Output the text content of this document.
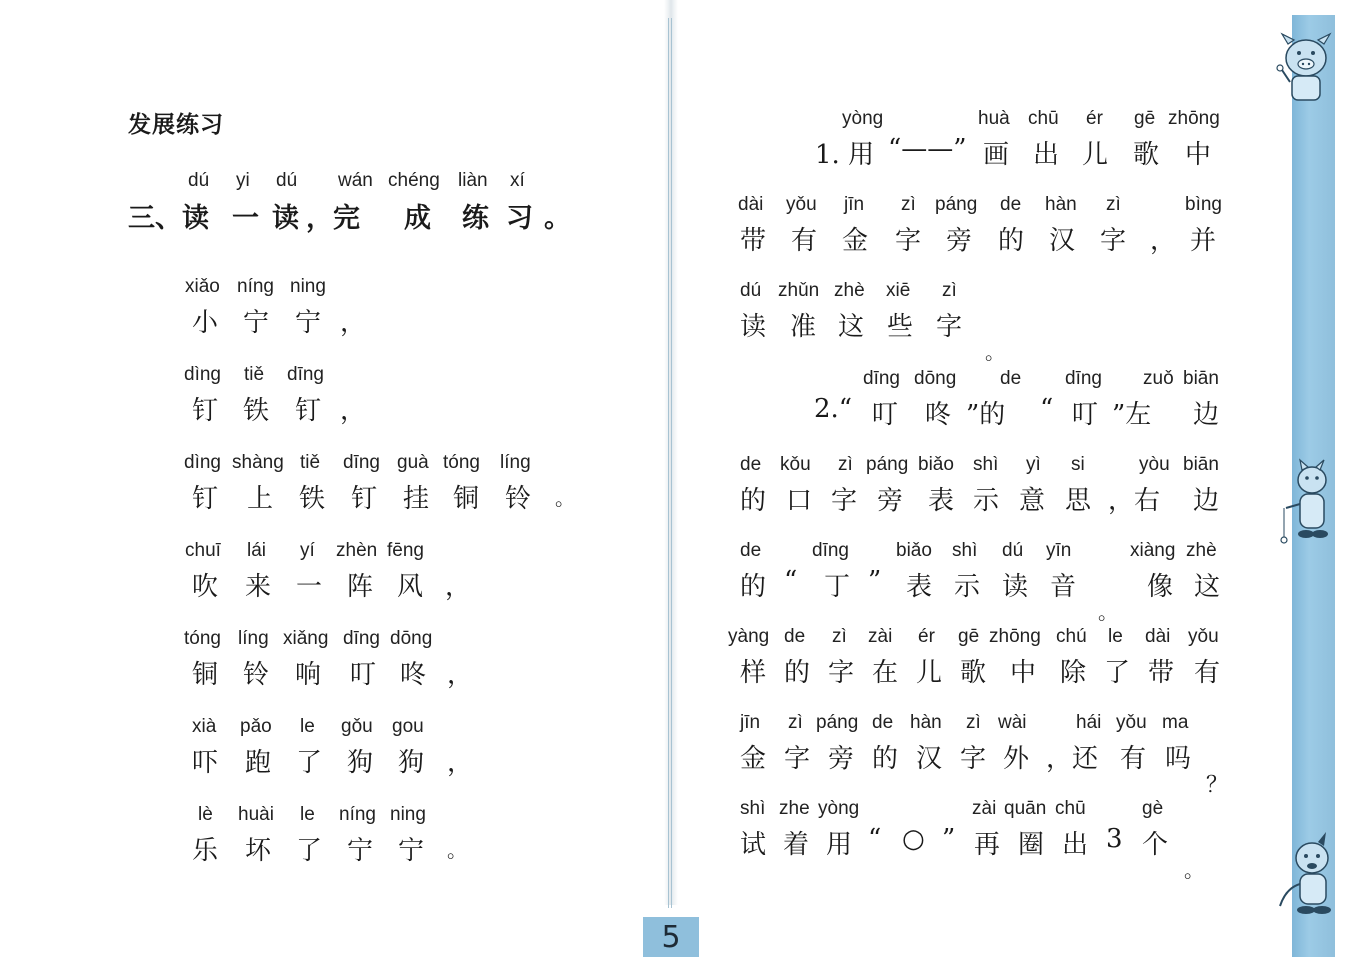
5
发展练习
dú yi dú wán chéng liàn xí
三、读 一 读 ，完 成 练 习 。
xiǎo níng ning
小 宁 宁 ，
dìng tiě dīng
钉 铁 钉 ，
dìng shàng tiě dīng guà tóng líng
钉 上 铁 钉 挂 铜 铃 。
chuī lái yí zhèn fēng
吹 来 一 阵 风 ，
tóng líng xiǎng dīng dōng
铜 铃 响 叮 咚 ，
xià pǎo le gǒu gou
吓 跑 了 狗 狗 ，
lè huài le níng ning
乐 坏 了 宁 宁 。
yòng	huà chū ér gē zhōng
1. 用 “——” 画 出 儿 歌 中
dài yǒu jīn zì páng de hàn zì	bìng
带 有 金 字 旁 的 汉 字 ， 并
dú zhǔn zhè xiē zì
读 准 这 些 字
。
dīng dōng de dīng zuǒ biān
2.“ 叮 咚 ”的 “ 叮 ”左 边
de kǒu zì páng biǎo shì yì si	yòu biān
的 口 字 旁 表 示 意 思 ，右 边
de	dīng biǎo shì dú yīn	xiàng zhè
的 “ 丁 ” 表 示 读 音
。
像 这
yàng de zì zài ér gē zhōng chú le dài yǒu
样 的 字 在 儿 歌 中 除 了 带 有
jīn zì páng de hàn zì wài	hái yǒu ma
金 字 旁 的 汉 字 外 ，还 有 吗
？
shì zhe yòng	zài quān chū	gè
试 着 用 “ ○ ” 再 圈 出 3 个
。
